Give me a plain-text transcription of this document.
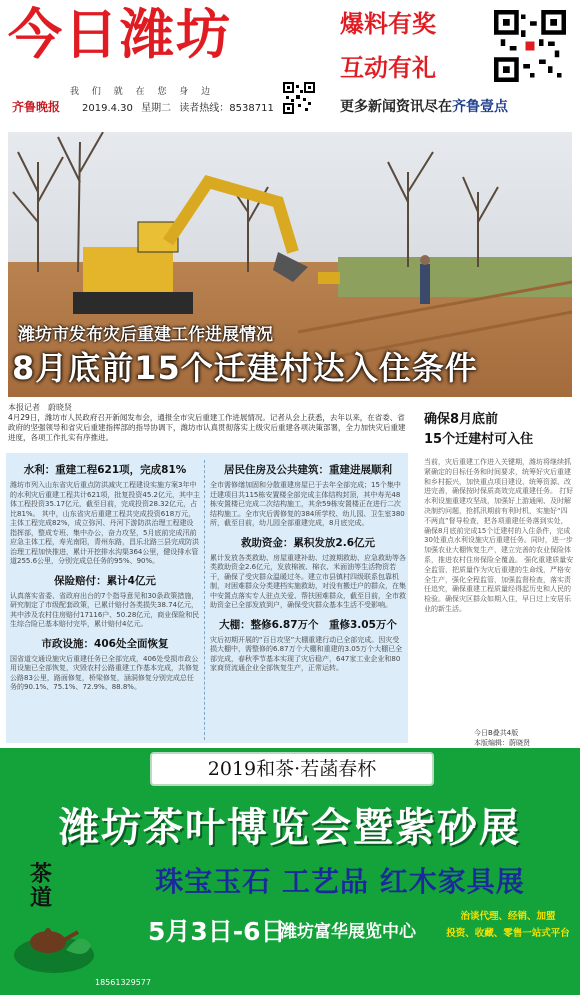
今日潍坊
我 们 就 在 您 身 边
齐鲁晚报 2019.4.30 星期二 读者热线：8538711
爆料有奖
互动有礼
更多新闻资讯尽在齐鲁壹点
潍坊市发布灾后重建工作进展情况
8月底前15个迁建村达入住条件
本报记者　蔚晓贤
4月29日，潍坊市人民政府召开新闻发布会，通报全市灾后重建工作进展情况。记者从会上获悉，去年以来，在省委、省政府的坚强领导和省灾后重建指挥部的指导协调下，潍坊市认真贯彻落实上级灾后重建各项决策部署，全力加快灾后重建进度，各项工作扎实有序推进。
水利：重建工程621项，完成81%
潍坊市列入山东省灾后重点防洪减灾工程建设实施方案3年中的水利灾后重建工程共计621项，批复投资45.2亿元，其中主体工程投资35.17亿元，截至目前，完成投资28.32亿元，占比81%。 其中，山东省灾后重建工程共完成投资618万元，主体工程完成82%，成立弥河、丹河下游防洪治理工程建设指挥部，整成专班、集中办公，奋力攻坚，5月底前完成汛前应急主体工程，寿光南阳，青州东路，昌乐北路三县完成防洪治理工程加快推进，累计开挖排水沟渠364公里，健设排水管道255.6公里，分别完成总任务的95%、90%。
保险赔付：累计4亿元
认真落实省委、省政府出台的7个指导意见和30条政策措施，研究制定了市级配套政策，已累计赔付各类损失38.74亿元，其中涉及农村住房赔付17116户、50.28亿元，商业保险和民生综合险已基本赔付完毕，累计赔付4亿元。
市政设施：406处全面恢复
国省道交通设施灾后重建任务已全部完成，406处受损市政公用设施已全部恢复，灾毁农村公路重建工作基本完成，共修复公路83公里，路面修复，桥梁修复，涵洞修复分别完成总任务的90.1%、75.1%、72.9%、88.8%。
居民住房及公共建筑：重建进展顺利
全市需修缮加固和分散重建房屋已于去年全部完成；15个集中迁建项目共115栋安置楼全部完成主体结构封顶，其中寿光48栋安置楼已完成二次结构施工，其余59栋安置楼正在进行二次结构施工。全市灾后需修复的384所学校、幼儿园、卫生室380所，截至目前，幼儿园全部重建完成，8月底完成。
救助资金：累积发放2.6亿元
累计发放各类救助、房屋重建补助、过渡期救助、应急救助等各类救助资金2.6亿元，发放棉被、棉衣、米面油等生活物资若干，确保了受灾群众温暖过冬。建立市县镇村四级联系包靠机制，对困难群众分类建档实施救助，对没有搬迁户的群众，在集中安置点落实专人驻点关爱、帮扶困难群众，截至目前，全市救助资金已全部发放到户，确保受灾群众基本生活不受影响。
大棚：整修6.87万个　重修3.05万个
灾后初期开展的“百日攻坚”大棚重建行动已全部完成。因灾受损大棚中，需整修的6.87万个大棚和重建的3.05万个大棚已全部完成，春秋季节基本实现了灾后稳产，647家工业企业和80家商贸流通企业全部恢复生产，正常运转。
确保8月底前
15个迁建村可入住
当前，灾后重建工作进入关键期，潍坊将继续抓紧确定的目标任务和时间要求，统筹好灾后重建和乡村振兴，加快重点项目建设、统筹资源、改进完善，确保按时保质高效完成重建任务。 打好水利设施重建攻坚战，加强好上游通闸、及时解决制约问题，抢抓汛期前有利时机，实施好“四不两直”督导检查，把各项重建任务落到实处，确保8月底前完成15个迁建村的入住条件，完成30处重点水利设施灾后重建任务。同时，进一步加强农业大棚恢复生产，建立完善的农业保险体系，推进农村住房保险全覆盖。 强化重建质量安全监管，把质量作为灾后重建的生命线，严格安全生产，强化全程监管，加强监督检查，落实责任追究，确保重建工程质量经得起历史和人民的检验。确保灾区群众如期入住，早日过上安居乐业的新生活。
今日B叠共4版
本版编辑：蔚晓贤
2019和茶·若菡春杯
潍坊茶叶博览会暨紫砂展
珠宝玉石 工艺品 红木家具展
5月3日-6日
潍坊富华展览中心
治谈代理、经销、加盟
投资、收藏、零售一站式平台
茶道
18561329577
